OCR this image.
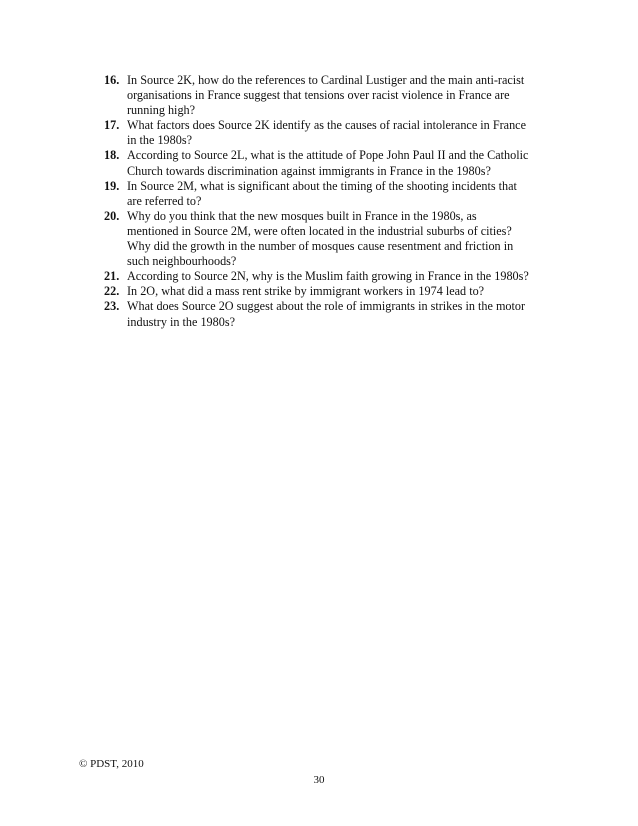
16. In Source 2K, how do the references to Cardinal Lustiger and the main anti-racist
organisations in France suggest that tensions over racist violence in France are
running high?
17. What factors does Source 2K identify as the causes of racial intolerance in France
in the 1980s?
18. According to Source 2L, what is the attitude of Pope John Paul II and the Catholic
Church towards discrimination against immigrants in France in the 1980s?
19. In Source 2M, what is significant about the timing of the shooting incidents that
are referred to?
20. Why do you think that the new mosques built in France in the 1980s, as
mentioned in Source 2M, were often located in the industrial suburbs of cities?
Why did the growth in the number of mosques cause resentment and friction in
such neighbourhoods?
21. According to Source 2N, why is the Muslim faith growing in France in the 1980s?
22. In 2O, what did a mass rent strike by immigrant workers in 1974 lead to?
23. What does Source 2O suggest about the role of immigrants in strikes in the motor
industry in the 1980s?
© PDST, 2010
30
